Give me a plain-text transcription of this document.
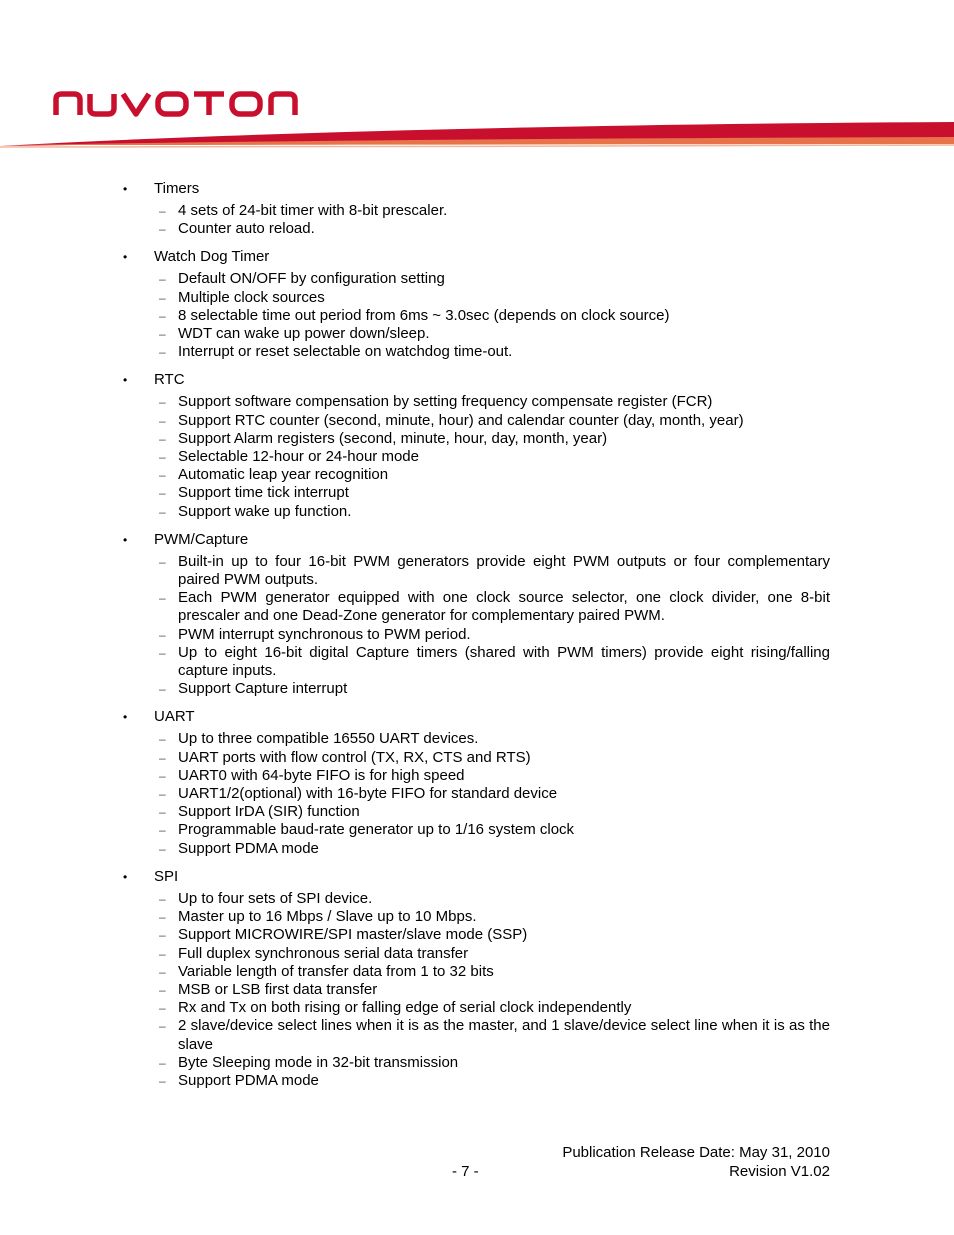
• Timers
– 4 sets of 24-bit timer with 8-bit prescaler.
– Counter auto reload.
• Watch Dog Timer
– Default ON/OFF by configuration setting
– Multiple clock sources
– 8 selectable time out period from 6ms ~ 3.0sec (depends on clock source)
– WDT can wake up power down/sleep.
– Interrupt or reset selectable on watchdog time-out.
• RTC
– Support software compensation by setting frequency compensate register (FCR)
– Support RTC counter (second, minute, hour) and calendar counter (day, month, year)
– Support Alarm registers (second, minute, hour, day, month, year)
– Selectable 12-hour or 24-hour mode
– Automatic leap year recognition
– Support time tick interrupt
– Support wake up function.
• PWM/Capture
– Built-in up to four 16-bit PWM generators provide eight PWM outputs or four complementary paired PWM outputs.
– Each PWM generator equipped with one clock source selector, one clock divider, one 8-bit prescaler and one Dead-Zone generator for complementary paired PWM.
– PWM interrupt synchronous to PWM period.
– Up to eight 16-bit digital Capture timers (shared with PWM timers) provide eight rising/falling capture inputs.
– Support Capture interrupt
• UART
– Up to three compatible 16550 UART devices.
– UART ports with flow control (TX, RX, CTS and RTS)
– UART0 with 64-byte FIFO is for high speed
– UART1/2(optional) with 16-byte FIFO for standard device
– Support IrDA (SIR) function
– Programmable baud-rate generator up to 1/16 system clock
– Support PDMA mode
• SPI
– Up to four sets of SPI device.
– Master up to 16 Mbps / Slave up to 10 Mbps.
– Support MICROWIRE/SPI master/slave mode (SSP)
– Full duplex synchronous serial data transfer
– Variable length of transfer data from 1 to 32 bits
– MSB or LSB first data transfer
– Rx and Tx on both rising or falling edge of serial clock independently
– 2 slave/device select lines when it is as the master, and 1 slave/device select line when it is as the slave
– Byte Sleeping mode in 32-bit transmission
– Support PDMA mode
Publication Release Date: May 31, 2010
- 7 -	Revision V1.02
